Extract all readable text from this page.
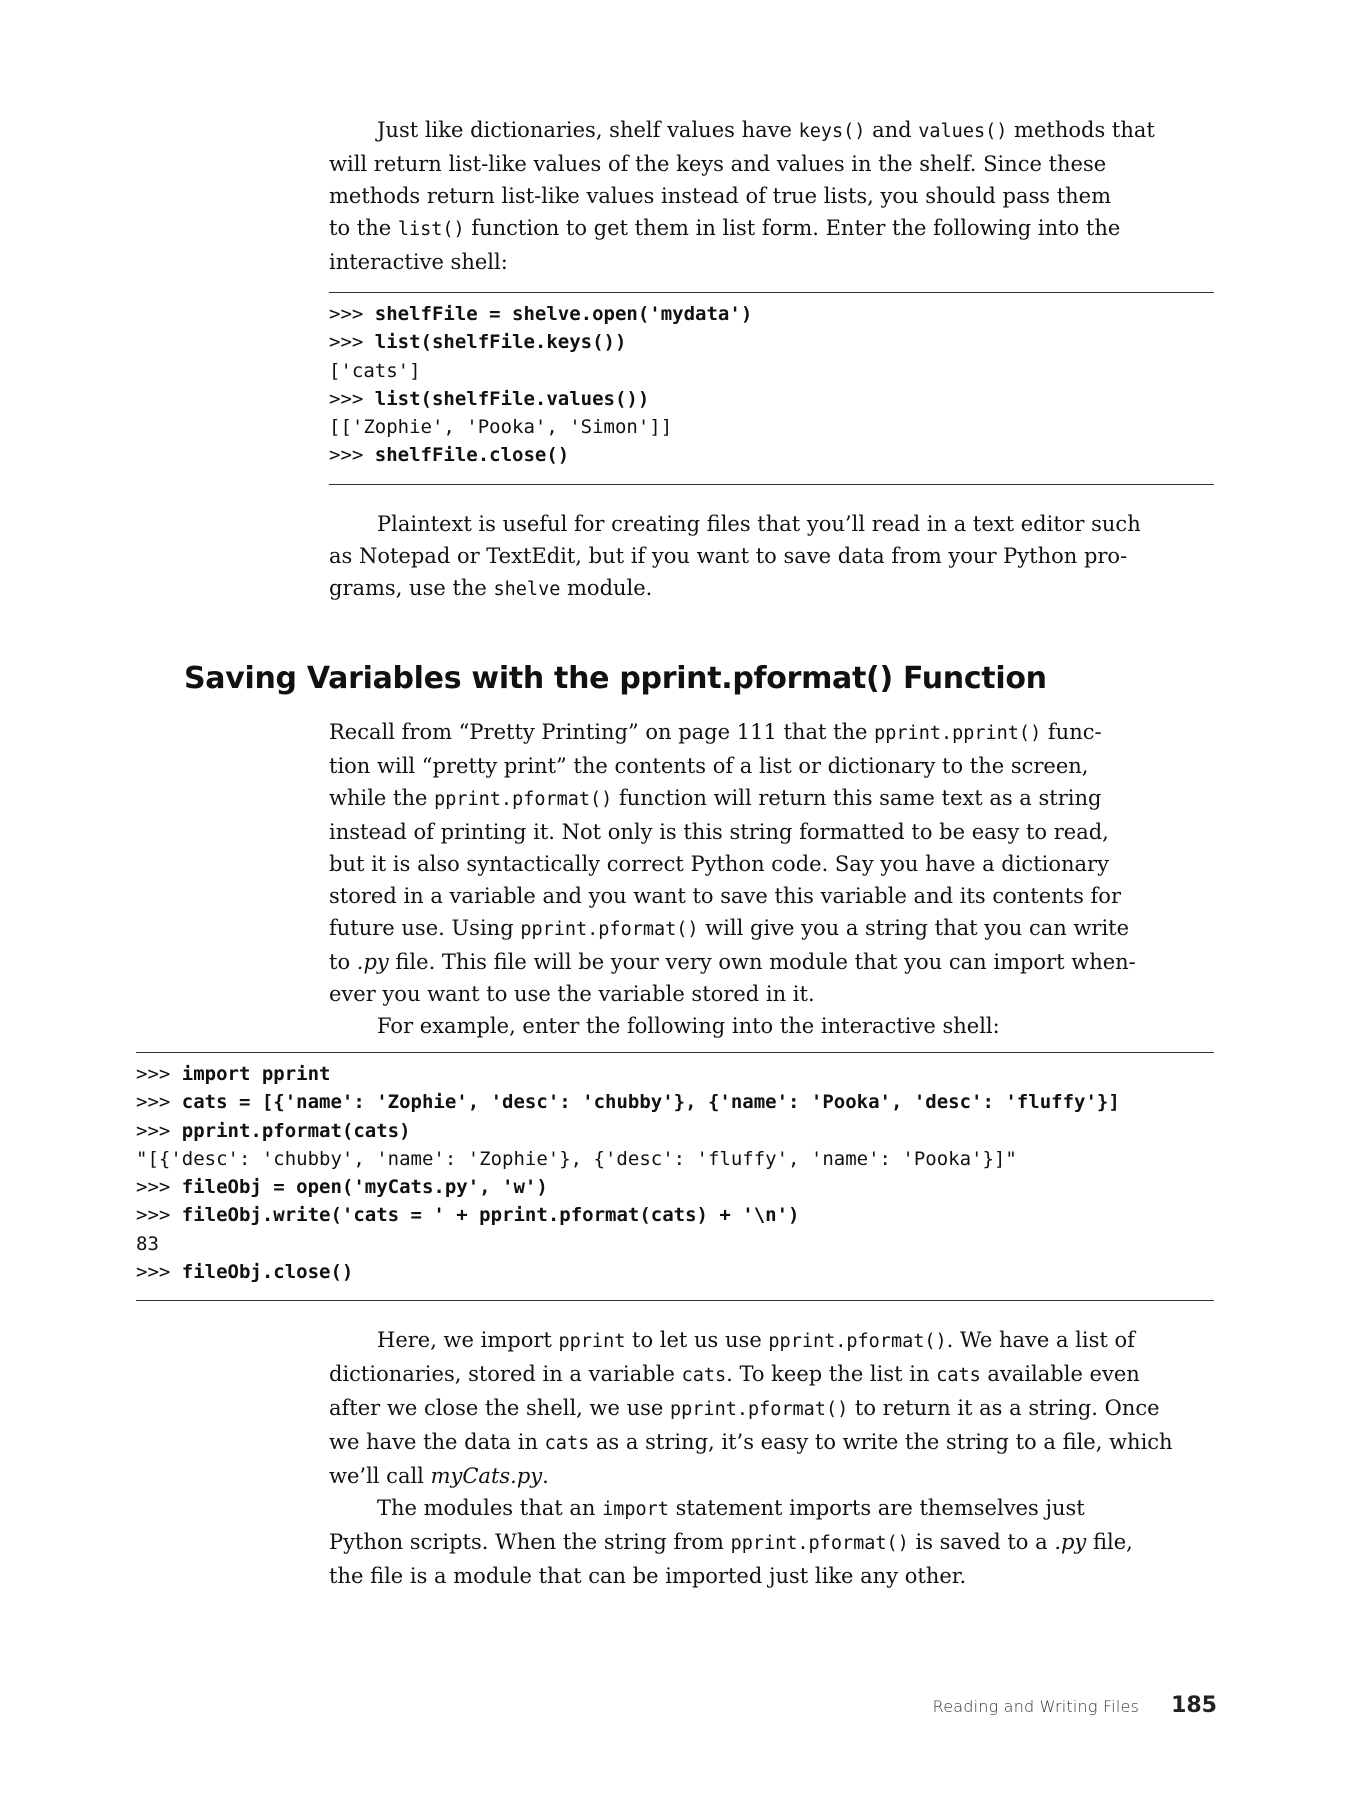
Just like dictionaries, shelf values have keys() and values() methods that
will return list-like values of the keys and values in the shelf. Since these
methods return list-like values instead of true lists, you should pass them
to the list() function to get them in list form. Enter the following into the
interactive shell:

>>> shelfFile = shelve.open('mydata')
>>> list(shelfFile.keys())
['cats']
>>> list(shelfFile.values())
[['Zophie', 'Pooka', 'Simon']]
>>> shelfFile.close()

Plaintext is useful for creating files that you’ll read in a text editor such
as Notepad or TextEdit, but if you want to save data from your Python pro-
grams, use the shelve module.

Saving Variables with the pprint.pformat() Function

Recall from “Pretty Printing” on page 111 that the pprint.pprint() func-
tion will “pretty print” the contents of a list or dictionary to the screen,
while the pprint.pformat() function will return this same text as a string
instead of printing it. Not only is this string formatted to be easy to read,
but it is also syntactically correct Python code. Say you have a dictionary
stored in a variable and you want to save this variable and its contents for
future use. Using pprint.pformat() will give you a string that you can write
to .py file. This file will be your very own module that you can import when-
ever you want to use the variable stored in it.

For example, enter the following into the interactive shell:

>>> import pprint
>>> cats = [{'name': 'Zophie', 'desc': 'chubby'}, {'name': 'Pooka', 'desc': 'fluffy'}]
>>> pprint.pformat(cats)
"[{'desc': 'chubby', 'name': 'Zophie'}, {'desc': 'fluffy', 'name': 'Pooka'}]"
>>> fileObj = open('myCats.py', 'w')
>>> fileObj.write('cats = ' + pprint.pformat(cats) + '\n')
83
>>> fileObj.close()

Here, we import pprint to let us use pprint.pformat(). We have a list of
dictionaries, stored in a variable cats. To keep the list in cats available even
after we close the shell, we use pprint.pformat() to return it as a string. Once
we have the data in cats as a string, it’s easy to write the string to a file, which
we’ll call myCats.py.

The modules that an import statement imports are themselves just
Python scripts. When the string from pprint.pformat() is saved to a .py file,
the file is a module that can be imported just like any other.

Reading and Writing Files 185
